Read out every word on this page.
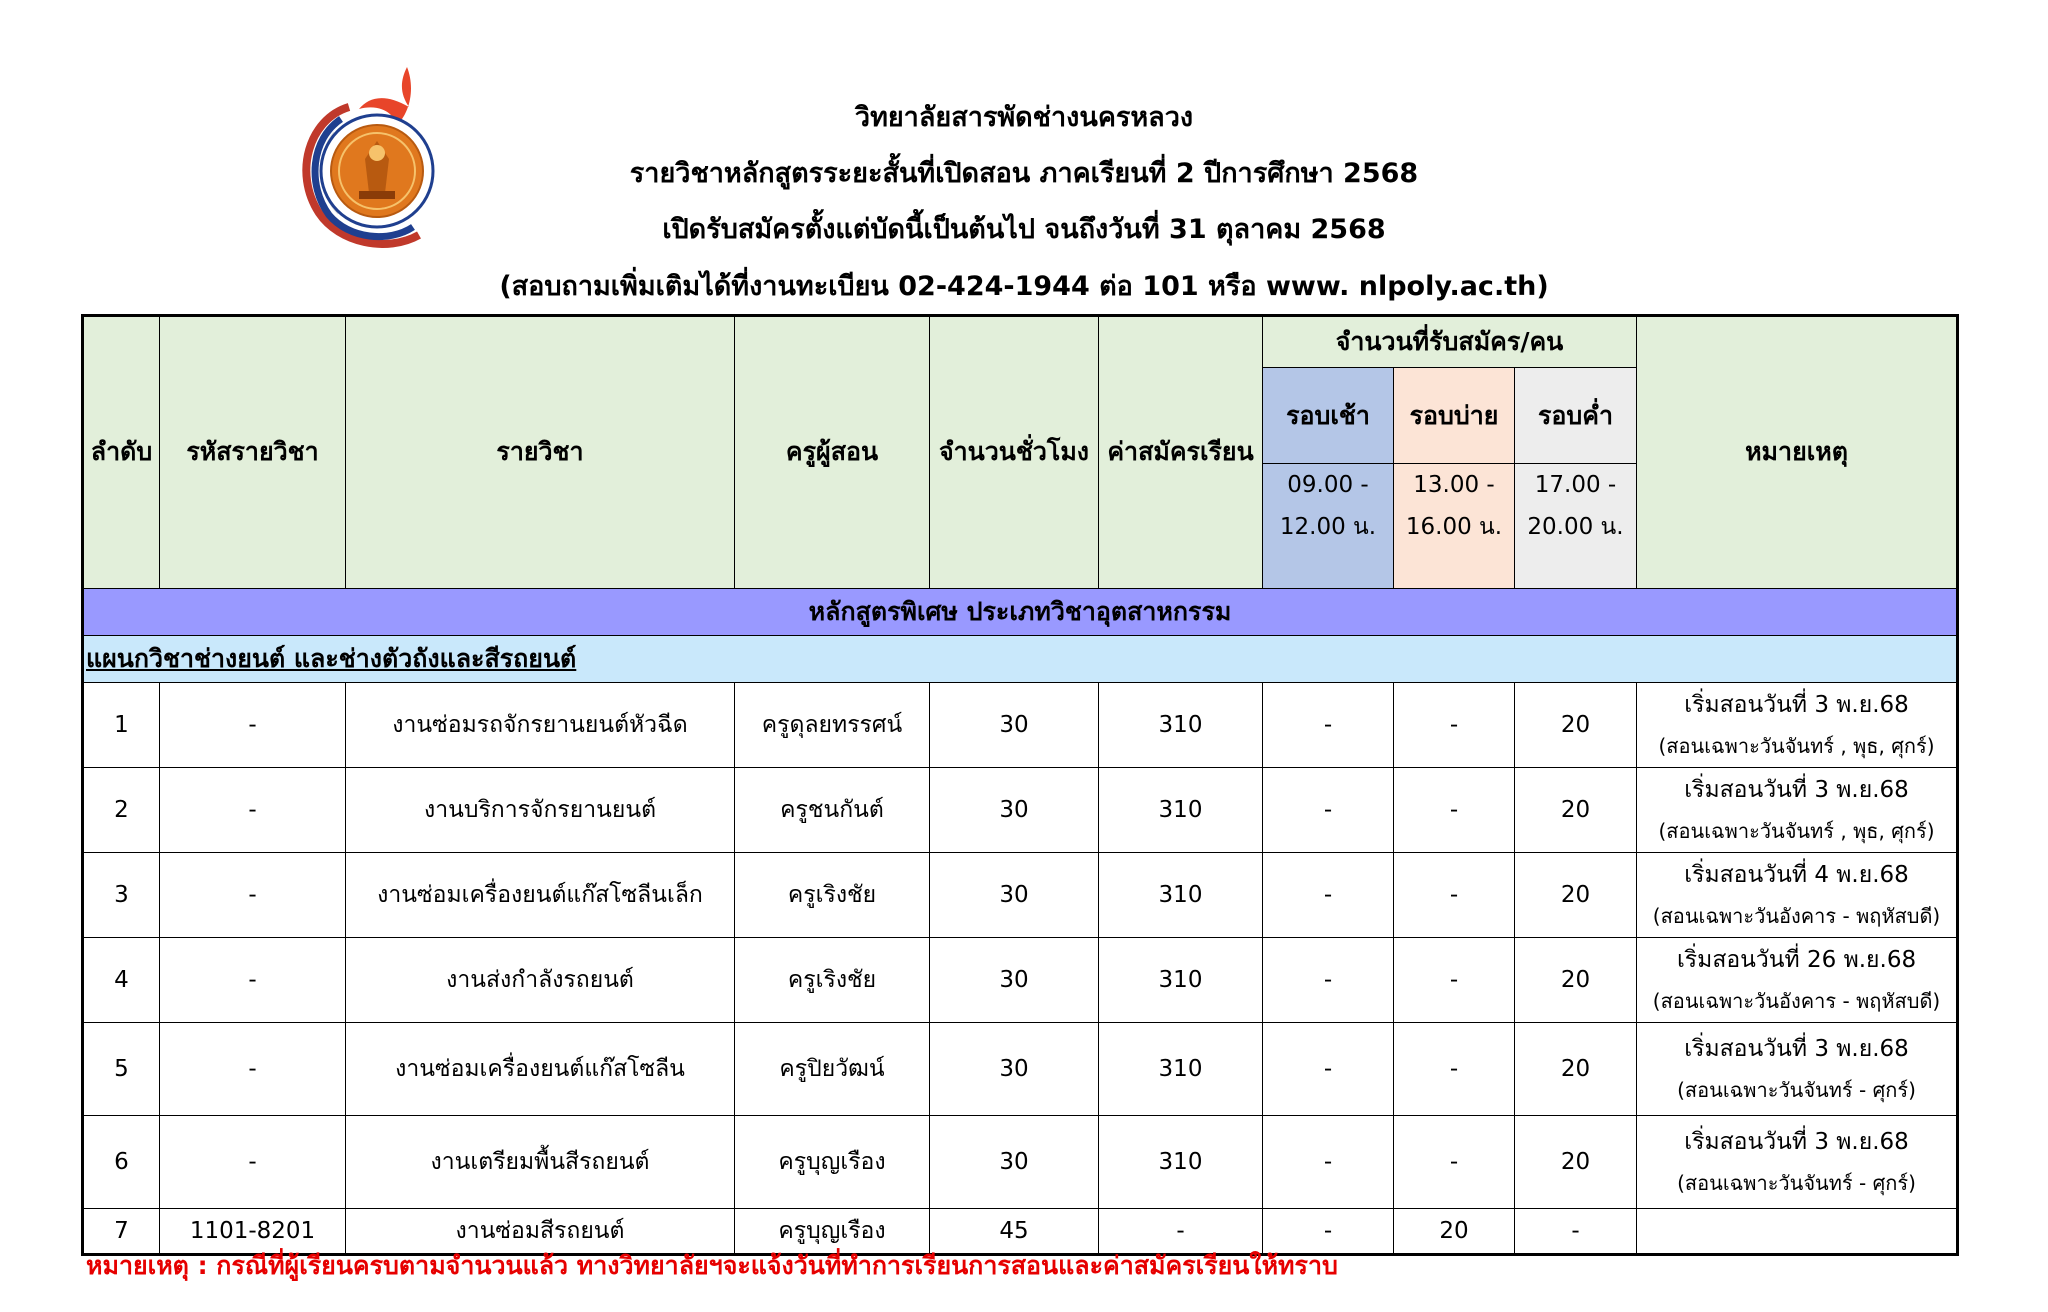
วิทยาลัยสารพัดช่างนครหลวง
รายวิชาหลักสูตรระยะสั้นที่เปิดสอน ภาคเรียนที่ 2 ปีการศึกษา 2568
เปิดรับสมัครตั้งแต่บัดนี้เป็นต้นไป จนถึงวันที่ 31 ตุลาคม 2568
(สอบถามเพิ่มเติมได้ที่งานทะเบียน 02-424-1944 ต่อ 101 หรือ www. nlpoly.ac.th)
ลำดับ	รหัสรายวิชา	รายวิชา	ครูผู้สอน	จำนวนชั่วโมง	ค่าสมัครเรียน	จำนวนที่รับสมัคร/คน			หมายเหตุ
						รอบเช้า	รอบบ่าย	รอบค่ำ	
						09.00 - 12.00 น.	13.00 - 16.00 น.	17.00 - 20.00 น.	

หลักสูตรพิเศษ ประเภทวิชาอุตสาหกรรม									
แผนกวิชาช่างยนต์ และช่างตัวถังและสีรถยนต์									
1	-	งานซ่อมรถจักรยานยนต์หัวฉีด	ครูดุลยทรรศน์	30	310	-	-	20	เริ่มสอนวันที่ 3 พ.ย.68
(สอนเฉพาะวันจันทร์ , พุธ, ศุกร์)

2	-	งานบริการจักรยานยนต์	ครูชนกันต์	30	310	-	-	20	เริ่มสอนวันที่ 3 พ.ย.68
(สอนเฉพาะวันจันทร์ , พุธ, ศุกร์)

3	-	งานซ่อมเครื่องยนต์แก๊สโซลีนเล็ก	ครูเริงชัย	30	310	-	-	20	เริ่มสอนวันที่ 4 พ.ย.68
(สอนเฉพาะวันอังคาร - พฤหัสบดี)

4	-	งานส่งกำลังรถยนต์	ครูเริงชัย	30	310	-	-	20	เริ่มสอนวันที่ 26 พ.ย.68
(สอนเฉพาะวันอังคาร - พฤหัสบดี)

5	-	งานซ่อมเครื่องยนต์แก๊สโซลีน	ครูปิยวัฒน์	30	310	-	-	20	เริ่มสอนวันที่ 3 พ.ย.68
(สอนเฉพาะวันจันทร์ - ศุกร์)

6	-	งานเตรียมพื้นสีรถยนต์	ครูบุญเรือง	30	310	-	-	20	เริ่มสอนวันที่ 3 พ.ย.68
(สอนเฉพาะวันจันทร์ - ศุกร์)

7	1101-8201	งานซ่อมสีรถยนต์	ครูบุญเรือง	45	-	-	20	-	
หมายเหตุ : กรณีที่ผู้เรียนครบตามจำนวนแล้ว ทางวิทยาลัยฯจะแจ้งวันที่ทำการเรียนการสอนและค่าสมัครเรียนให้ทราบ
